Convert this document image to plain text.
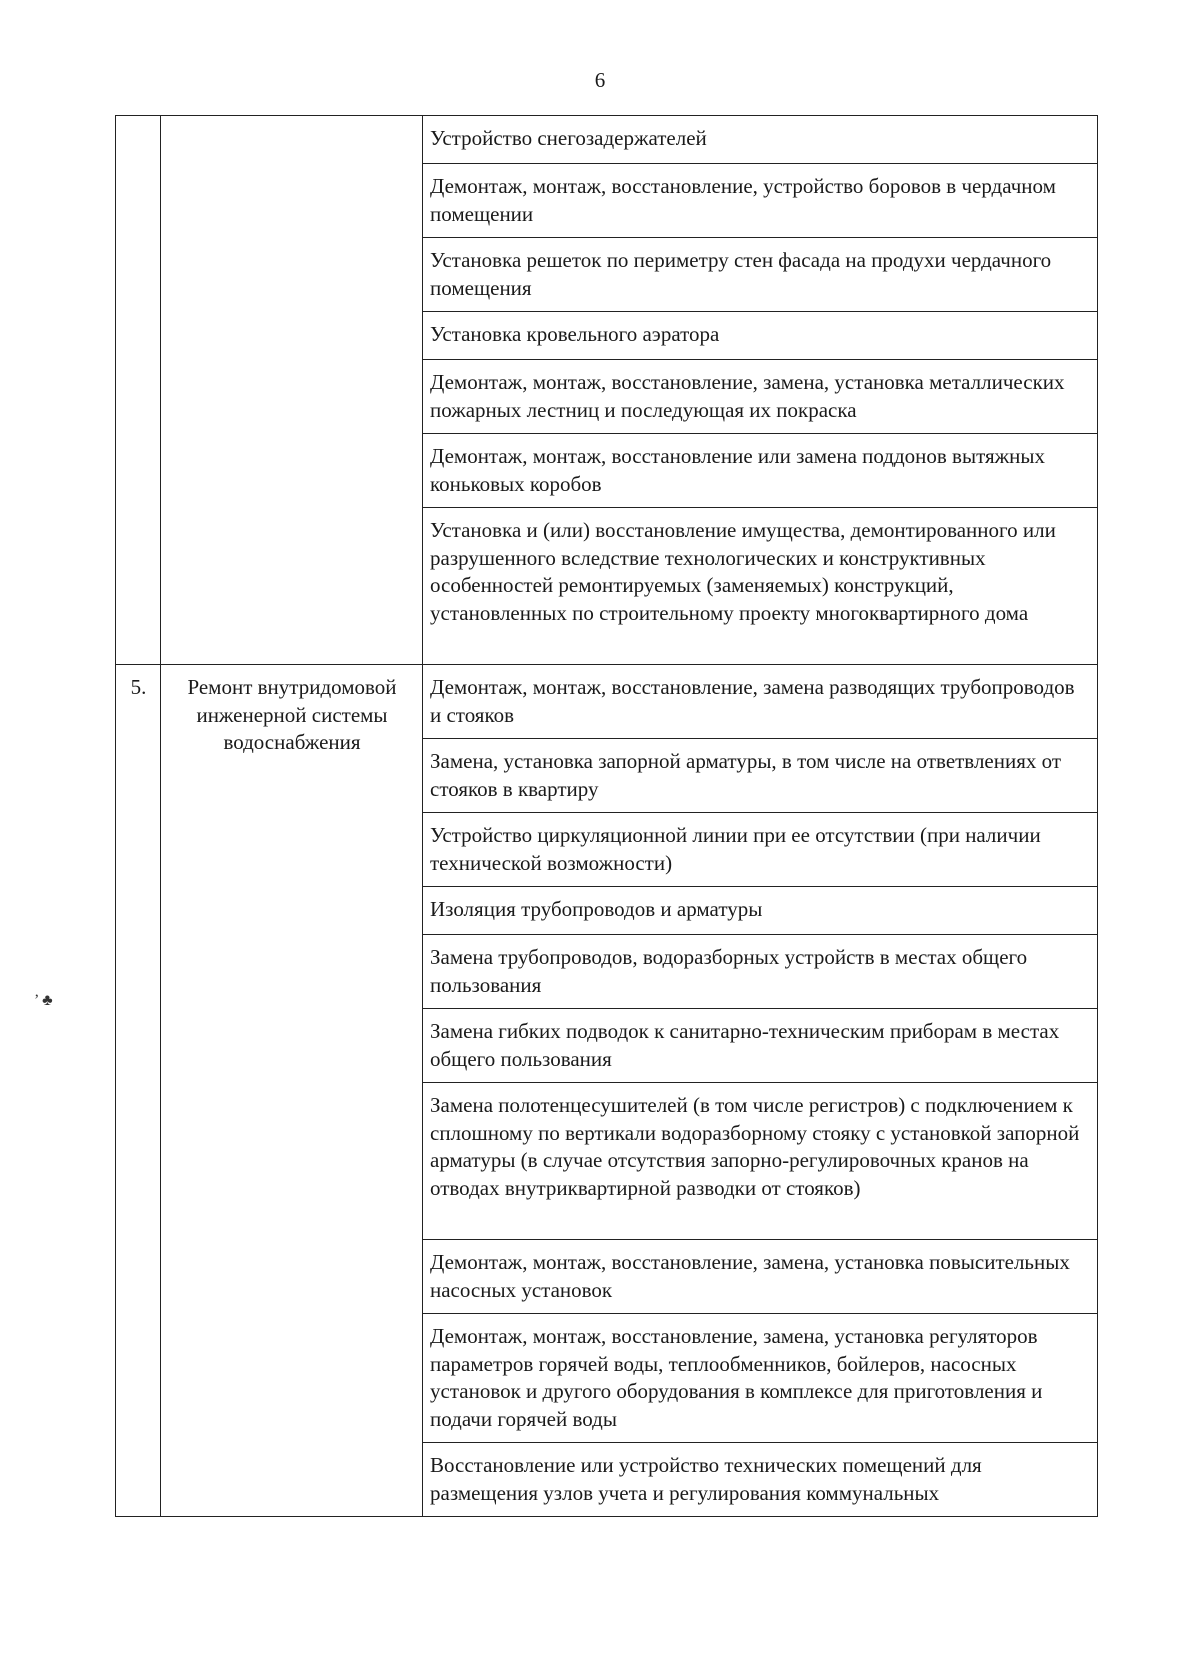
6
		Устройство снегозадержателей
		Демонтаж, монтаж, восстановление, устройство боровов в чердачном помещении
		Установка решеток по периметру стен фасада на продухи чердачного помещения
		Установка кровельного аэратора
		Демонтаж, монтаж, восстановление, замена, установка металлических пожарных лестниц и последующая их покраска
		Демонтаж, монтаж, восстановление или замена поддонов вытяжных коньковых коробов
		Установка и (или) восстановление имущества, демонтированного или разрушенного вследствие технологических и конструктивных особенностей ремонтируемых (заменяемых) конструкций, установленных по строительному проекту многоквартирного дома
5.	Ремонт внутридомовой инженерной системы водоснабжения	Демонтаж, монтаж, восстановление, замена разводящих трубопроводов и стояков
		Замена, установка запорной арматуры, в том числе на ответвлениях от стояков в квартиру
		Устройство циркуляционной линии при ее отсутствии (при наличии технической возможности)
		Изоляция трубопроводов и арматуры
		Замена трубопроводов, водоразборных устройств в местах общего пользования
		Замена гибких подводок к санитарно-техническим приборам в местах общего пользования
		Замена полотенцесушителей (в том числе регистров) с подключением к сплошному по вертикали водоразборному стояку с установкой запорной арматуры (в случае отсутствия запорно-регулировочных кранов на отводах внутриквартирной разводки от стояков)
		Демонтаж, монтаж, восстановление, замена, установка повысительных насосных установок
		Демонтаж, монтаж, восстановление, замена, установка регуляторов параметров горячей воды, теплообменников, бойлеров, насосных установок и другого оборудования в комплексе для приготовления и подачи горячей воды
		Восстановление или устройство технических помещений для размещения узлов учета и регулирования коммунальных
’ ♣
